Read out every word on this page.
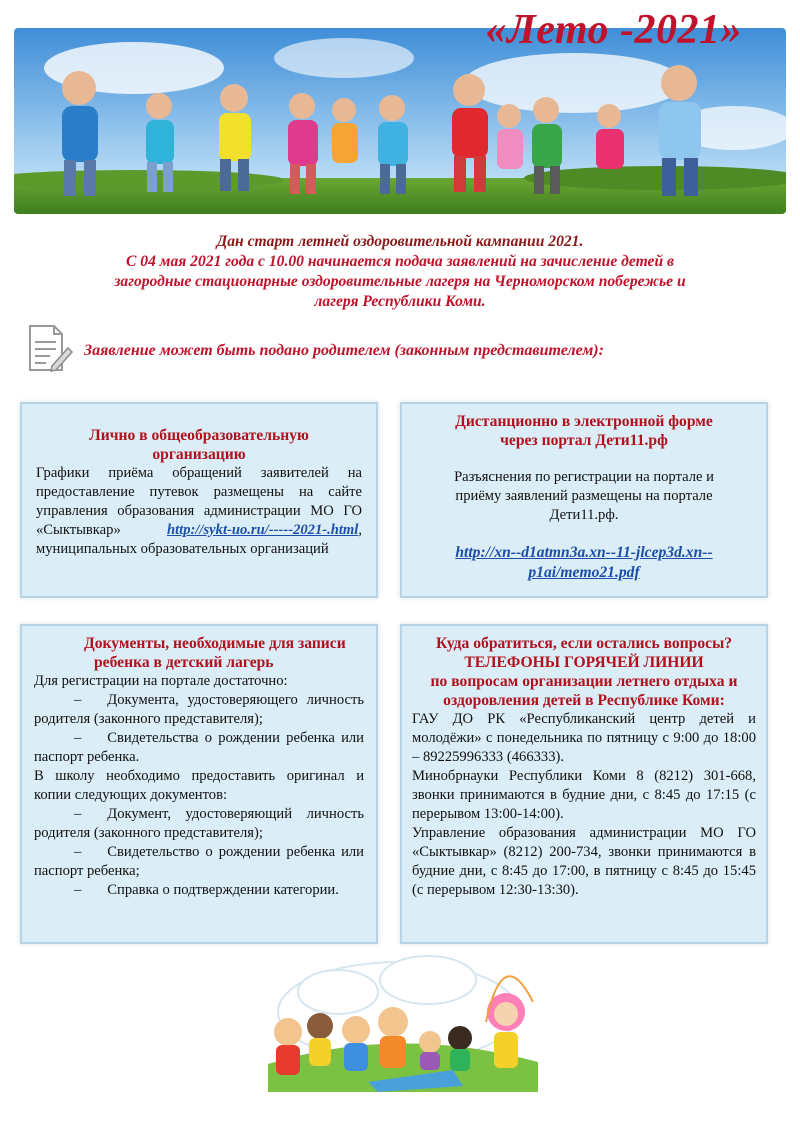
«Лето -2021»
Дан старт летней оздоровительной кампании 2021.
С 04 мая 2021 года с 10.00 начинается подача заявлений на зачисление детей в
загородные стационарные оздоровительные лагеря на Черноморском побережье и
лагеря Республики Коми.
Заявление может быть подано родителем (законным представителем):
Лично в общеобразовательную
организацию
Графики приёма обращений заявителей на предоставление путевок размещены на сайте управления образования администрации МО ГО «Сыктывкар»	http://sykt-uo.ru/-----2021-.html, муниципальных образовательных организаций
Дистанционно в электронной форме
через портал Дети11.рф
Разъяснения по регистрации на портале и
приёму заявлений размещены на портале
Дети11.рф.
http://xn--d1atmn3a.xn--11-jlcep3d.xn--
p1ai/memo21.pdf
Документы, необходимые для записи
ребенка в детский лагерь
Для регистрации на портале достаточно:
– Документа, удостоверяющего личность родителя (законного представителя);
– Свидетельства о рождении ребенка или паспорт ребенка.
В школу необходимо предоставить оригинал и копии следующих документов:
– Документ, удостоверяющий личность родителя (законного представителя);
– Свидетельство о рождении ребенка или паспорт ребенка;
– Справка о подтверждении категории.
Куда обратиться, если остались вопросы?
ТЕЛЕФОНЫ ГОРЯЧЕЙ ЛИНИИ
по вопросам организации летнего отдыха и
оздоровления детей в Республике Коми:
ГАУ ДО РК «Республиканский центр детей и молодёжи» с понедельника по пятницу с 9:00 до 18:00 – 89225996333 (466333).
Минобрнауки Республики Коми 8 (8212) 301-668, звонки принимаются в будние дни, с 8:45 до 17:15 (с перерывом 13:00-14:00).
Управление образования администрации МО ГО «Сыктывкар» (8212) 200-734, звонки принимаются в будние дни, с 8:45 до 17:00, в пятницу с 8:45 до 15:45 (с перерывом 12:30-13:30).
